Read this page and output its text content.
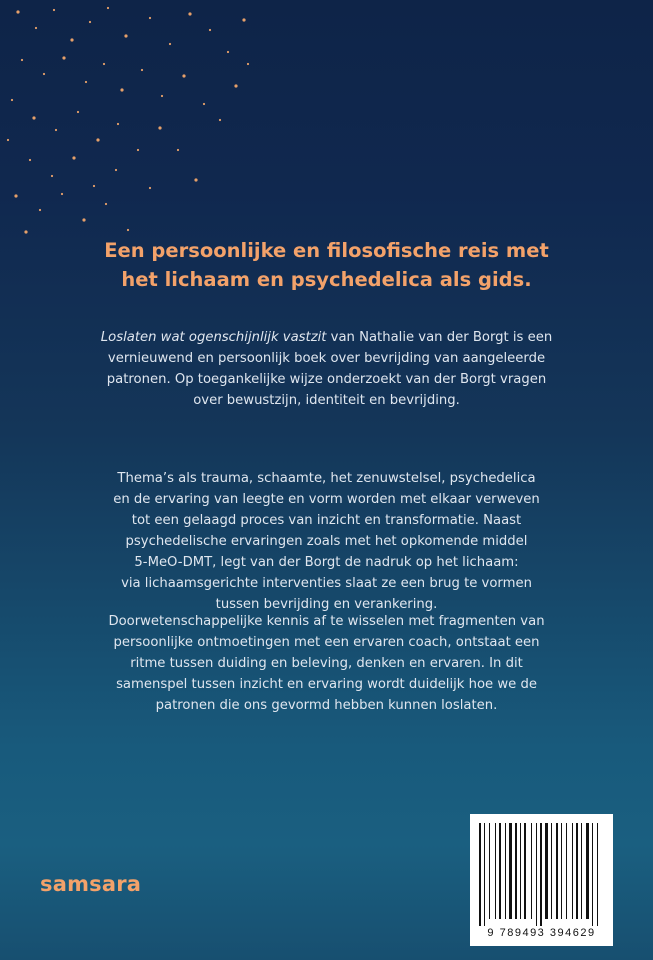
Een persoonlijke en filosofische reis met
het lichaam en psychedelica als gids.

Loslaten wat ogenschijnlijk vastzit van Nathalie van der Borgt is een
vernieuwend en persoonlijk boek over bevrijding van aangeleerde
patronen. Op toegankelijke wijze onderzoekt van der Borgt vragen
over bewustzijn, identiteit en bevrijding.

Thema’s als trauma, schaamte, het zenuwstelsel, psychedelica
en de ervaring van leegte en vorm worden met elkaar verweven
tot een gelaagd proces van inzicht en transformatie. Naast
psychedelische ervaringen zoals met het opkomende middel
5-MeO-DMT, legt van der Borgt de nadruk op het lichaam:
via lichaamsgerichte interventies slaat ze een brug te vormen
tussen bevrijding en verankering.

Doorwetenschappelijke kennis af te wisselen met fragmenten van
persoonlijke ontmoetingen met een ervaren coach, ontstaat een
ritme tussen duiding en beleving, denken en ervaren. In dit
samenspel tussen inzicht en ervaring wordt duidelijk hoe we de
patronen die ons gevormd hebben kunnen loslaten.

samsara
9 789493 394629
